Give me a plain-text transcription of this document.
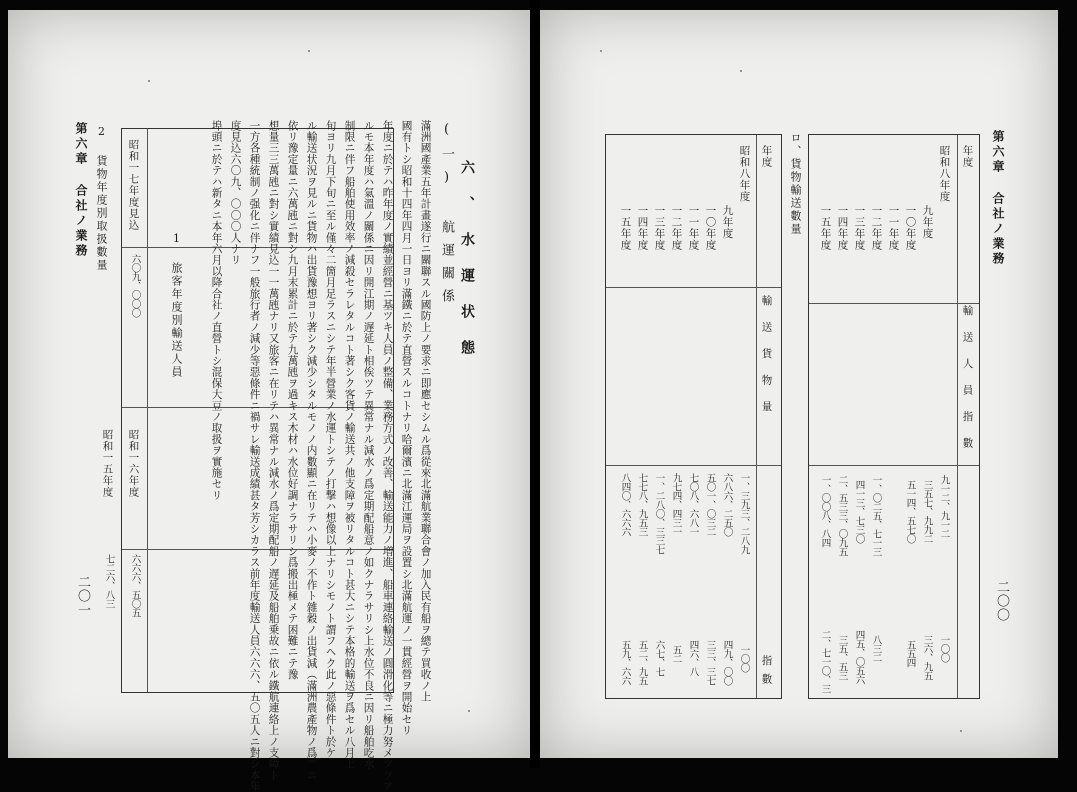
第六章 合社ノ業務
二〇一
2 貨物年度別取扱數量
1 旅客年度別輸送人員
昭和一七年度見込
六〇九、〇〇〇
昭和一六年度
六六六、五〇五
昭和一五年度
七二六、八三
六、水運状態
(一) 航運關係
滿洲國產業五年計畫遂行ニ關聯スル國防上ノ要求ニ即應セシムル爲從來北滿航業聯合會ノ加入民有船ヲ總テ買收ノ上
國有トシ昭和十四年四月一日ヨリ滿鐵ニ於テ直營スルコトナリ哈爾濱ニ北滿江運局ヲ設置シ北滿航運ノ一貫經營ヲ開始セリ
年度ニ於テハ昨年度ノ實績並經營ニ基ツキ人員ノ整備、業務方式ノ改善、輸送能力ノ増進、船車連絡輸送ノ圓滑化等ニ極力努メツツア
ルモ本年度ハ氣溫ノ關係ニ因リ開江期ノ遅延ト相俟ツテ異常ナル減水ノ爲定期配船意ノ如クナラサリシ上水位不良ニ因リ船舶吃水
制限ニ伴フ船舶使用效率ノ減殺セラレタルコト著シク客貨ノ輸送共ノ他支障ヲ被リタルコト甚大ニシテ本格的輸送ヲ爲セル八月上
旬ヨリ九月下旬ニ至ル僅々二箇月足ラスニシテ年半營業ノ水運トシテノ打撃ハ想像以上ナリシモノト謂フヘク此ノ惡條件ト於ケ
ル輸送状況ヲ見ルニ貨物ハ出貨豫想ヨリ著シク減少シタルモノノ内數顯ニ在リテハ小麥ノ不作ト雜穀ノ出貨減（滿洲農產物ノ爲）ニ
依リ豫定量ニ六萬瓲ニ對シ九月末累計ニ於テ九萬瓲ヲ過キス木材ハ水位好調ナラサリシ爲搬出極メテ困難ニテ豫
想量三三萬瓲ニ對シ實績見込一一萬瓲ナリ又旅客ニ在リテハ異常ナル減水ノ爲定期配船ノ遅延及船舶乗故ニ依ル鐵航連絡上ノ支障ト
一方各種統制ノ强化ニ伴ナフ一般旅行者ノ減少等惡條件ニ禍サレ輸送成績甚タ芳シカラス前年度輸送人員六六六、五〇五人ニ對シ本年
度見込六〇九、〇〇〇人ナリ
埠頭ニ於テハ新タニ本年六月以降合社ノ直營トシ混保大豆ノ取扱ヲ實施セリ	第六章 合社ノ業務
二〇〇
年度
輸送人員指數
昭和八年度
九年度
一〇年度
一一年度
一二年度
一三年度
一四年度
一五年度
九一二、九一二
三五七、九九二
五一四、五七〇
一、〇二五、七一三
四一三、七三〇
二、五三三、〇九五
一、〇〇八、八四
一〇〇
三六、九五
五五四
八三二
四五、〇五六
三五、五三
二、七一〇、三
ロ、貨物輸送數量
年度
輸送貨物量
指數
昭和八年度
九年度
一〇年度
一一年度
一二年度
一三年度
一四年度
一五年度
一、三九三、二八九
六八六、二五〇
五〇一、〇三二
七〇八、六八一
九七四、四三一
一、二八〇、三三七
七七八、九五三
八四〇、六六六
一〇〇
四九、〇〇
三三、三七
四六、八
五二
六七、七
五二、九五
五九、六六
